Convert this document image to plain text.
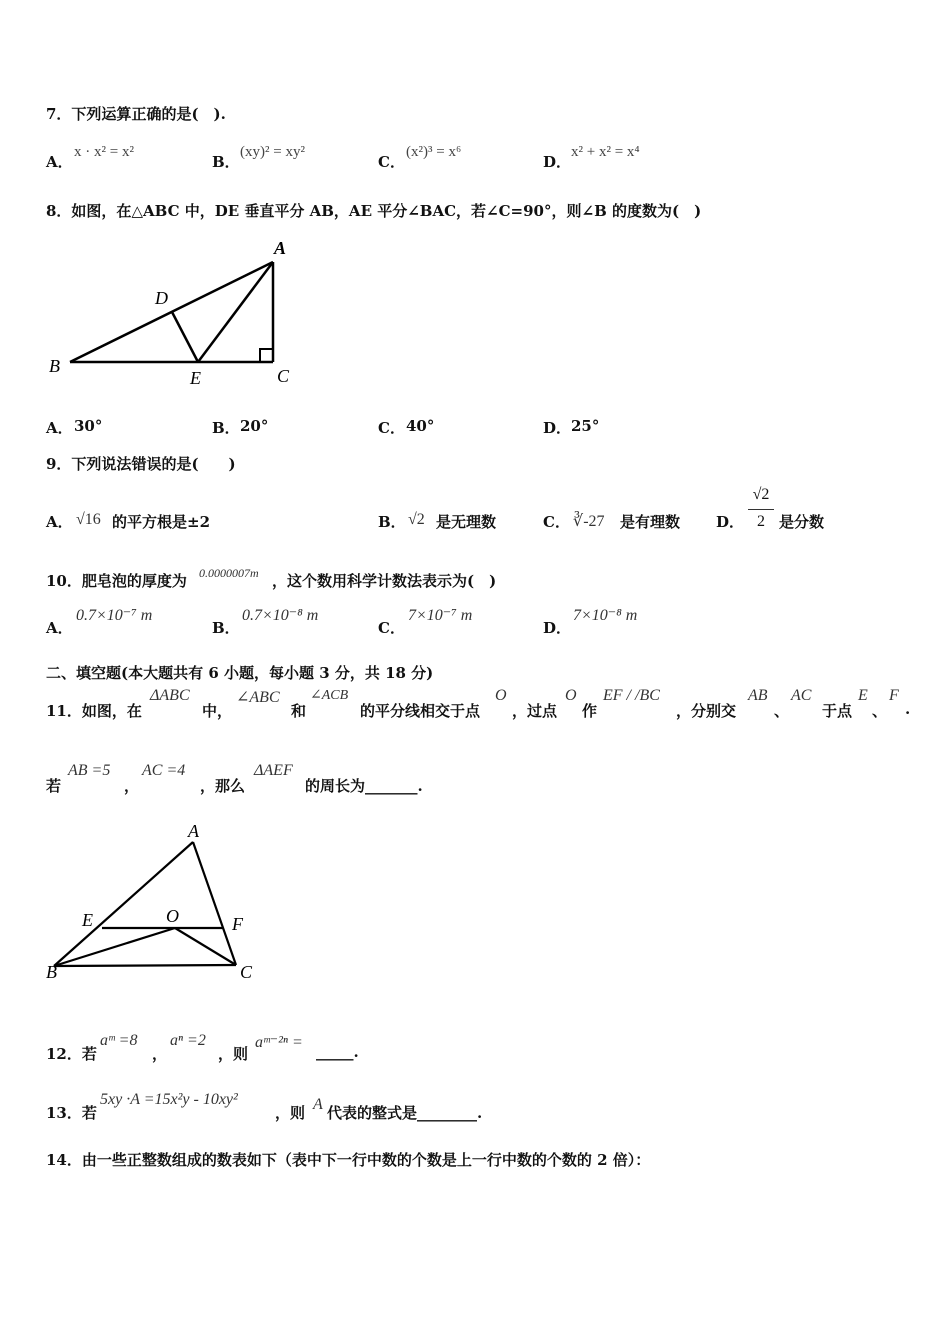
7．下列运算正确的是(　).
A．
x · x² = x²
B．
(xy)² = xy²
C．
(x²)³ = x⁶
D．
x² + x² = x⁴
8．如图，在△ABC 中，DE 垂直平分 AB，AE 平分∠BAC，若∠C=90°，则∠B 的度数为(　)
A
B	C
D
E
A． 30°	B． 20°	C． 40°	D． 25°
9．下列说法错误的是(　　)
A． √16 的平方根是±2	B． √2 是无理数	C． ∛-27 是有理数 D．
√2
2 是分数
10．肥皂泡的厚度为 0.0000007m ，这个数用科学计数法表示为(　)
A．
0.7×10⁻⁷ m
B．
0.7×10⁻⁸ m
C．
7×10⁻⁷ m
D．
7×10⁻⁸ m
二、填空题(本大题共有 6 小题，每小题 3 分，共 18 分)
11．如图，在
ΔABC
中，
∠ABC
和
∠ACB
的平分线相交于点
O
，过点
O
作
EF / /BC
，分别交
AB
、
AC
于点
E
、
F
.
若
AB =5
，
AC =4
，那么
ΔAEF
的周长为_______.
A
B	C
E	F
O
12．若
aᵐ =8
，
aⁿ =2
，则
aᵐ⁻²ⁿ =
_____.
13．若
5xy ·A =15x²y - 10xy²
，则 A 代表的整式是________.
14．由一些正整数组成的数表如下（表中下一行中数的个数是上一行中数的个数的 2 倍）：
